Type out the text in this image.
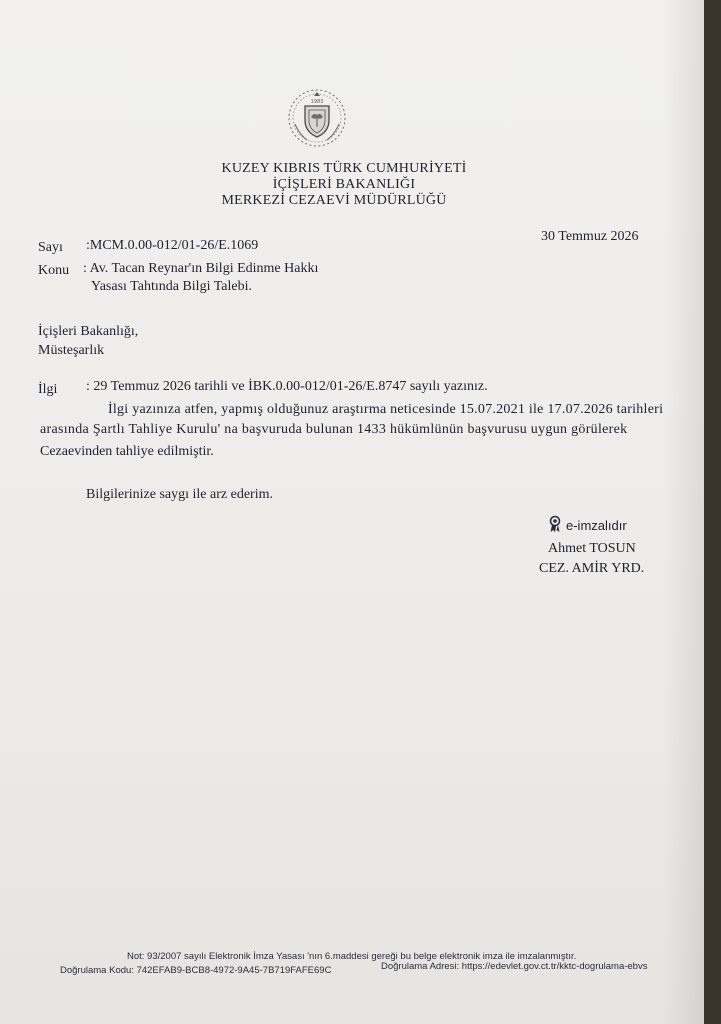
1983
KUZEY KIBRIS TÜRK CUMHURİYETİ
İÇİŞLERİ BAKANLIĞI
MERKEZİ CEZAEVİ MÜDÜRLÜĞÜ
30 Temmuz 2026
Sayı :MCM.0.00-012/01-26/E.1069
Konu : Av. Tacan Reynar'ın Bilgi Edinme Hakkı
Yasası Tahtında Bilgi Talebi.
İçişleri Bakanlığı,
Müsteşarlık
İlgi : 29 Temmuz 2026 tarihli ve İBK.0.00-012/01-26/E.8747 sayılı yazınız.
İlgi yazınıza atfen, yapmış olduğunuz araştırma neticesinde 15.07.2021 ile 17.07.2026 tarihleri
arasında Şartlı Tahliye Kurulu' na başvuruda bulunan 1433 hükümlünün başvurusu uygun görülerek
Cezaevinden tahliye edilmiştir.
Bilgilerinize saygı ile arz ederim.
e-imzalıdır
Ahmet TOSUN
CEZ. AMİR YRD.
Not: 93/2007 sayılı Elektronik İmza Yasası 'nın 6.maddesi gereği bu belge elektronik imza ile imzalanmıştır.
Doğrulama Kodu: 742EFAB9-BCB8-4972-9A45-7B719FAFE69C	Doğrulama Adresi: https://edevlet.gov.ct.tr/kktc-dogrulama-ebvs
